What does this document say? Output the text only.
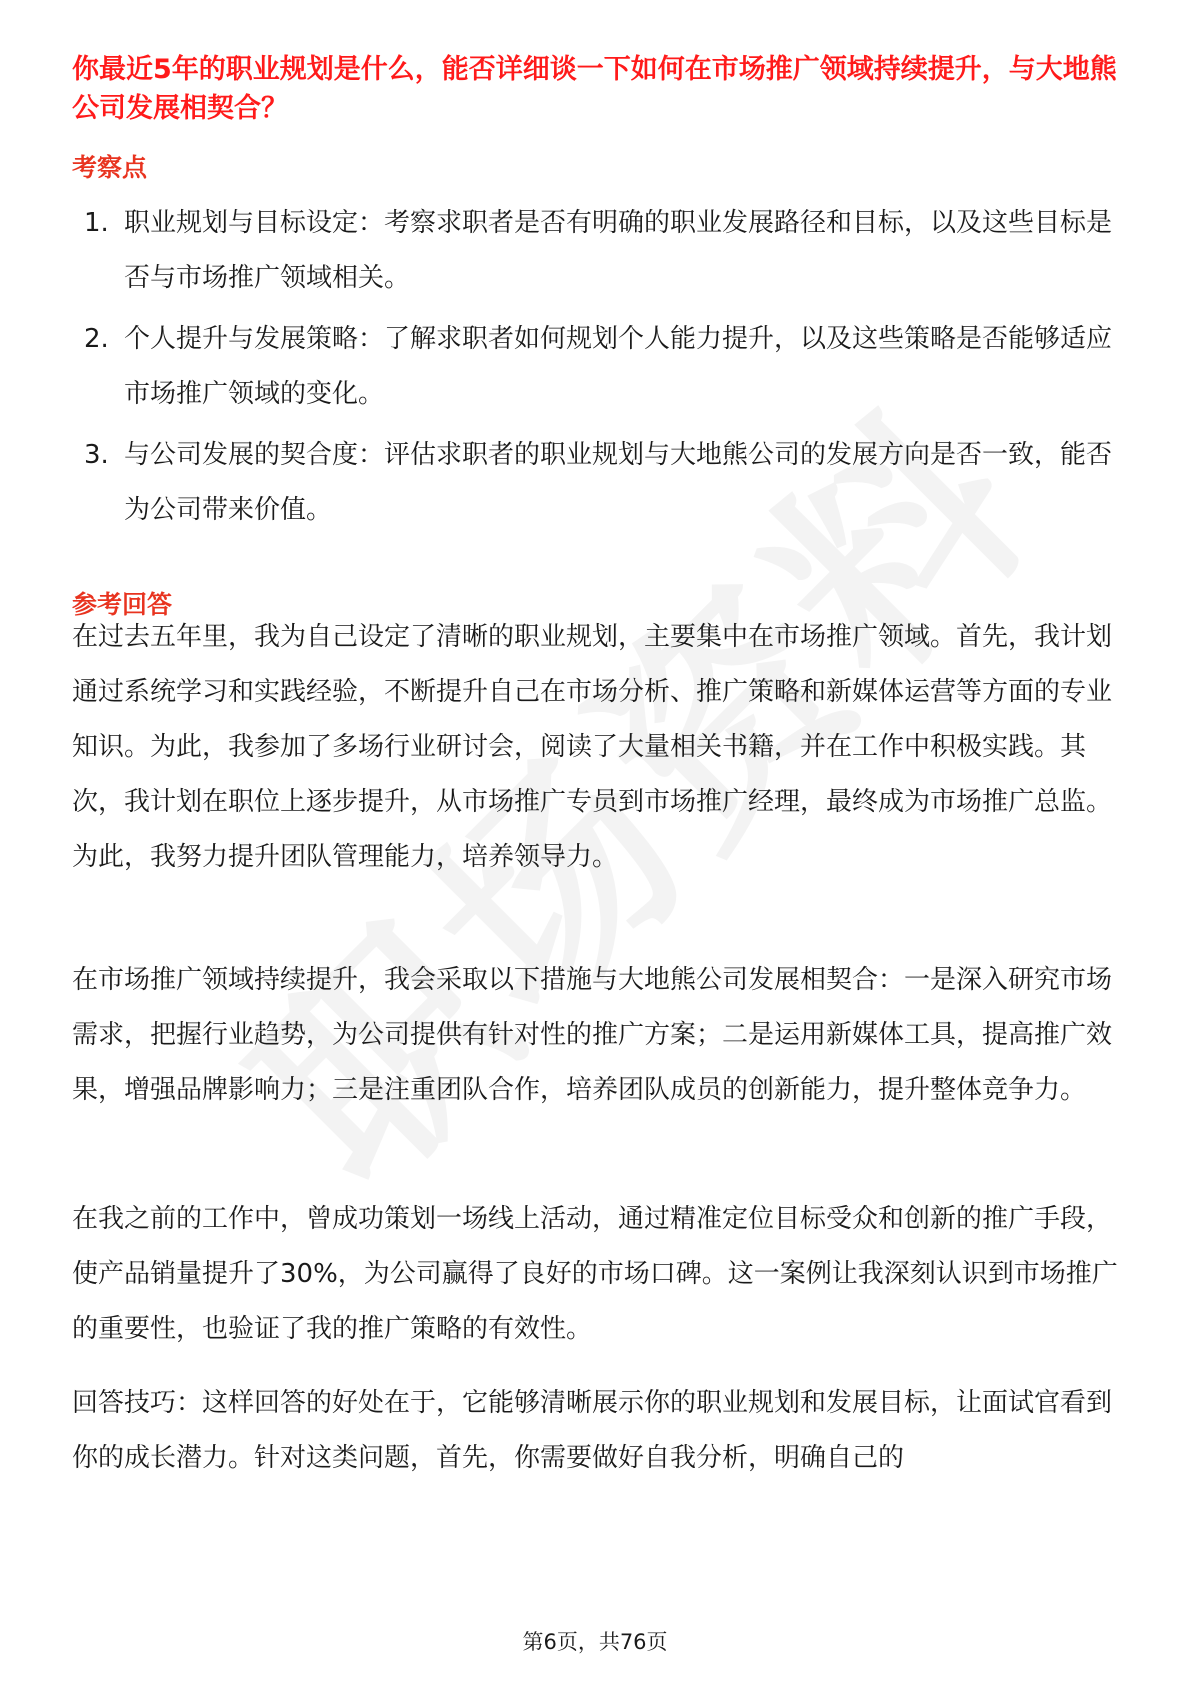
你最近5年的职业规划是什么，能否详细谈一下如何在市场推广领域持续提升，与大地熊公司发展相契合？
考察点
1. 职业规划与目标设定：考察求职者是否有明确的职业发展路径和目标，以及这些目标是否与市场推广领域相关。
2. 个人提升与发展策略：了解求职者如何规划个人能力提升，以及这些策略是否能够适应市场推广领域的变化。
3. 与公司发展的契合度：评估求职者的职业规划与大地熊公司的发展方向是否一致，能否为公司带来价值。
参考回答

在过去五年里，我为自己设定了清晰的职业规划，主要集中在市场推广领域。首先，我计划通过系统学习和实践经验，不断提升自己在市场分析、推广策略和新媒体运营等方面的专业知识。为此，我参加了多场行业研讨会，阅读了大量相关书籍，并在工作中积极实践。其次，我计划在职位上逐步提升，从市场推广专员到市场推广经理，最终成为市场推广总监。为此，我努力提升团队管理能力，培养领导力。

在市场推广领域持续提升，我会采取以下措施与大地熊公司发展相契合：一是深入研究市场需求，把握行业趋势，为公司提供有针对性的推广方案；二是运用新媒体工具，提高推广效果，增强品牌影响力；三是注重团队合作，培养团队成员的创新能力，提升整体竞争力。

在我之前的工作中，曾成功策划一场线上活动，通过精准定位目标受众和创新的推广手段，使产品销量提升了30%，为公司赢得了良好的市场口碑。这一案例让我深刻认识到市场推广的重要性，也验证了我的推广策略的有效性。

回答技巧：这样回答的好处在于，它能够清晰展示你的职业规划和发展目标，让面试官看到你的成长潜力。针对这类问题，首先，你需要做好自我分析，明确自己的

第6页，共76页
